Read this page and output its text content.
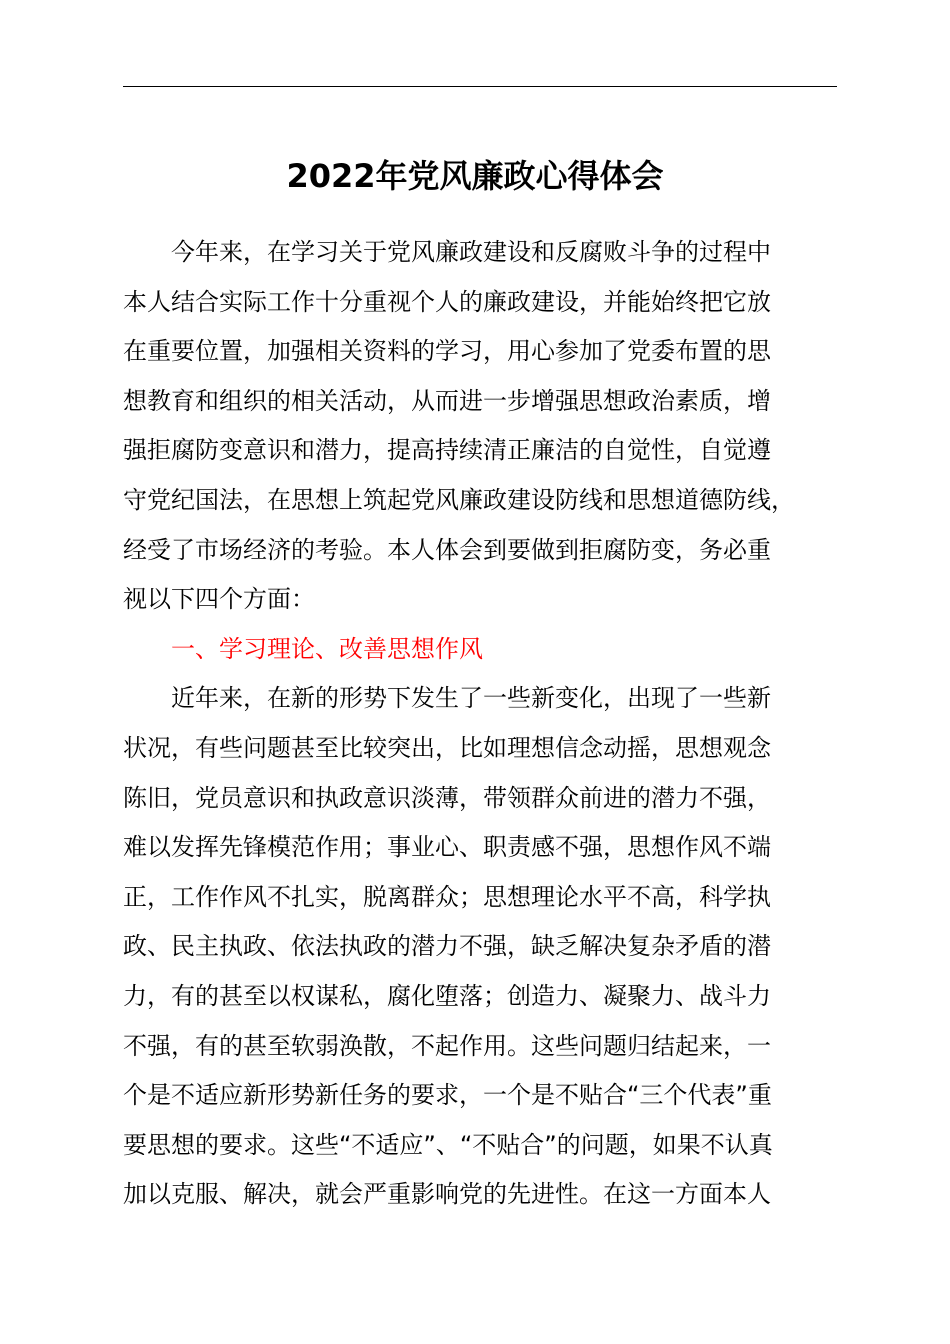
2022年党风廉政心得体会

今年来，在学习关于党风廉政建设和反腐败斗争的过程中
本人结合实际工作十分重视个人的廉政建设，并能始终把它放
在重要位置，加强相关资料的学习，用心参加了党委布置的思
想教育和组织的相关活动，从而进一步增强思想政治素质，增
强拒腐防变意识和潜力，提高持续清正廉洁的自觉性，自觉遵
守党纪国法，在思想上筑起党风廉政建设防线和思想道德防线，
经受了市场经济的考验。本人体会到要做到拒腐防变，务必重
视以下四个方面：

一、学习理论、改善思想作风

近年来，在新的形势下发生了一些新变化，出现了一些新
状况，有些问题甚至比较突出，比如理想信念动摇，思想观念
陈旧，党员意识和执政意识淡薄，带领群众前进的潜力不强，
难以发挥先锋模范作用；事业心、职责感不强，思想作风不端
正，工作作风不扎实，脱离群众；思想理论水平不高，科学执
政、民主执政、依法执政的潜力不强，缺乏解决复杂矛盾的潜
力，有的甚至以权谋私，腐化堕落；创造力、凝聚力、战斗力
不强，有的甚至软弱涣散，不起作用。这些问题归结起来，一
个是不适应新形势新任务的要求，一个是不贴合“三个代表”重
要思想的要求。这些“不适应”、“不贴合”的问题，如果不认真
加以克服、解决，就会严重影响党的先进性。在这一方面本人
